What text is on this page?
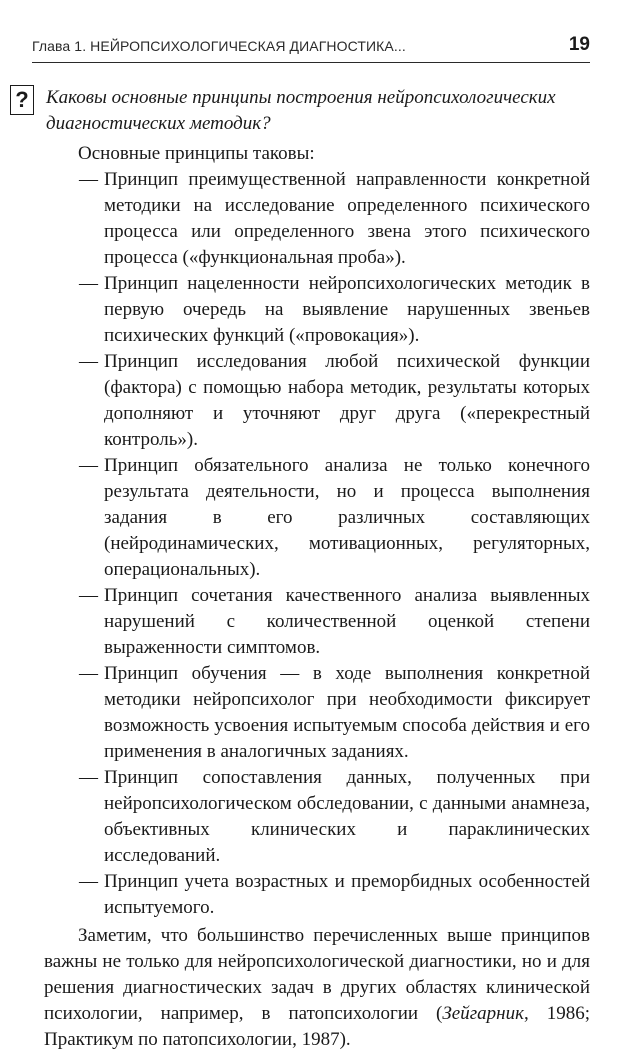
Глава 1. НЕЙРОПСИХОЛОГИЧЕСКАЯ ДИАГНОСТИКА...	19
? Каковы основные принципы построения нейропсихологических диагностических методик?
Основные принципы таковы:
— Принцип преимущественной направленности конкретной методики на исследование определенного психического процесса или определенного звена этого психического процесса («функциональная проба»).
— Принцип нацеленности нейропсихологических методик в первую очередь на выявление нарушенных звеньев психических функций («провокация»).
— Принцип исследования любой психической функции (фактора) с помощью набора методик, результаты которых дополняют и уточняют друг друга («перекрестный контроль»).
— Принцип обязательного анализа не только конечного результата деятельности, но и процесса выполнения задания в его различных составляющих (нейродинамических, мотивационных, регуляторных, операциональных).
— Принцип сочетания качественного анализа выявленных нарушений с количественной оценкой степени выраженности симптомов.
— Принцип обучения — в ходе выполнения конкретной методики нейропсихолог при необходимости фиксирует возможность усвоения испытуемым способа действия и его применения в аналогичных заданиях.
— Принцип сопоставления данных, полученных при нейропсихологическом обследовании, с данными анамнеза, объективных клинических и параклинических исследований.
— Принцип учета возрастных и преморбидных особенностей испытуемого.
Заметим, что большинство перечисленных выше принципов важны не только для нейропсихологической диагностики, но и для решения диагностических задач в других областях клинической психологии, например, в патопсихологии (Зейгарник, 1986; Практикум по патопсихологии, 1987).
